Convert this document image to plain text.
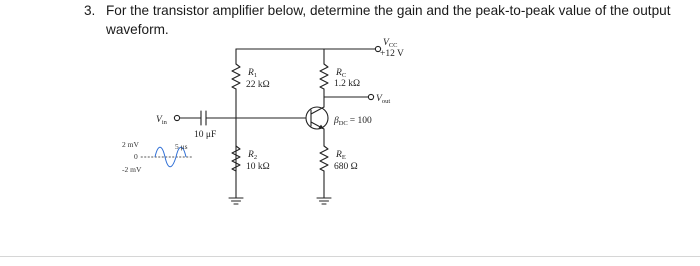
3. For the transistor amplifier below, determine the gain and the peak-to-peak value of the output

waveform.
$V_{CC}$
+12 V
$R_1$
22 kΩ
$R_C$
1.2 kΩ
$V_{out}$
$V_{in}$	$\beta_{DC} = 100$
10 μF
$R_2$
10 kΩ
$R_E$
680 Ω
2 mV
0
-2 mV
5 μs
